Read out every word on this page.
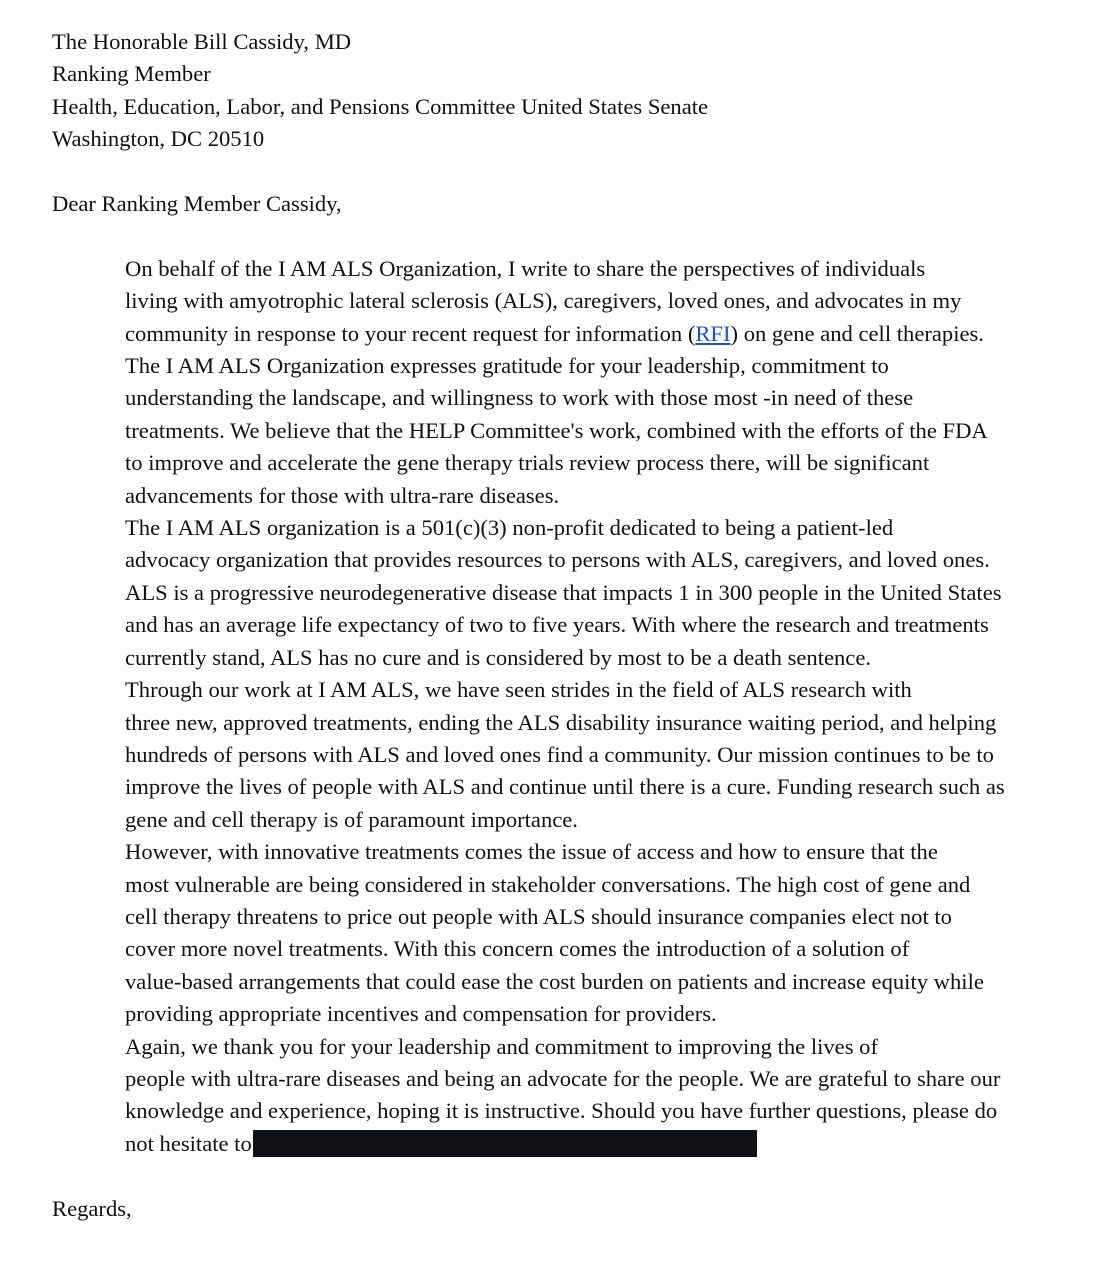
The Honorable Bill Cassidy, MD
Ranking Member
Health, Education, Labor, and Pensions Committee United States Senate
Washington, DC 20510
Dear Ranking Member Cassidy,

On behalf of the I AM ALS Organization, I write to share the perspectives of individuals
living with amyotrophic lateral sclerosis (ALS), caregivers, loved ones, and advocates in my
community in response to your recent request for information (RFI) on gene and cell therapies.
The I AM ALS Organization expresses gratitude for your leadership, commitment to
understanding the landscape, and willingness to work with those most -in need of these
treatments. We believe that the HELP Committee's work, combined with the efforts of the FDA
to improve and accelerate the gene therapy trials review process there, will be significant
advancements for those with ultra-rare diseases.

The I AM ALS organization is a 501(c)(3) non-profit dedicated to being a patient-led
advocacy organization that provides resources to persons with ALS, caregivers, and loved ones.
ALS is a progressive neurodegenerative disease that impacts 1 in 300 people in the United States
and has an average life expectancy of two to five years. With where the research and treatments
currently stand, ALS has no cure and is considered by most to be a death sentence.

Through our work at I AM ALS, we have seen strides in the field of ALS research with
three new, approved treatments, ending the ALS disability insurance waiting period, and helping
hundreds of persons with ALS and loved ones find a community. Our mission continues to be to
improve the lives of people with ALS and continue until there is a cure. Funding research such as
gene and cell therapy is of paramount importance.

However, with innovative treatments comes the issue of access and how to ensure that the
most vulnerable are being considered in stakeholder conversations. The high cost of gene and
cell therapy threatens to price out people with ALS should insurance companies elect not to
cover more novel treatments. With this concern comes the introduction of a solution of
value-based arrangements that could ease the cost burden on patients and increase equity while
providing appropriate incentives and compensation for providers.

Again, we thank you for your leadership and commitment to improving the lives of
people with ultra-rare diseases and being an advocate for the people. We are grateful to share our
knowledge and experience, hoping it is instructive. Should you have further questions, please do
not hesitate to

Regards,
